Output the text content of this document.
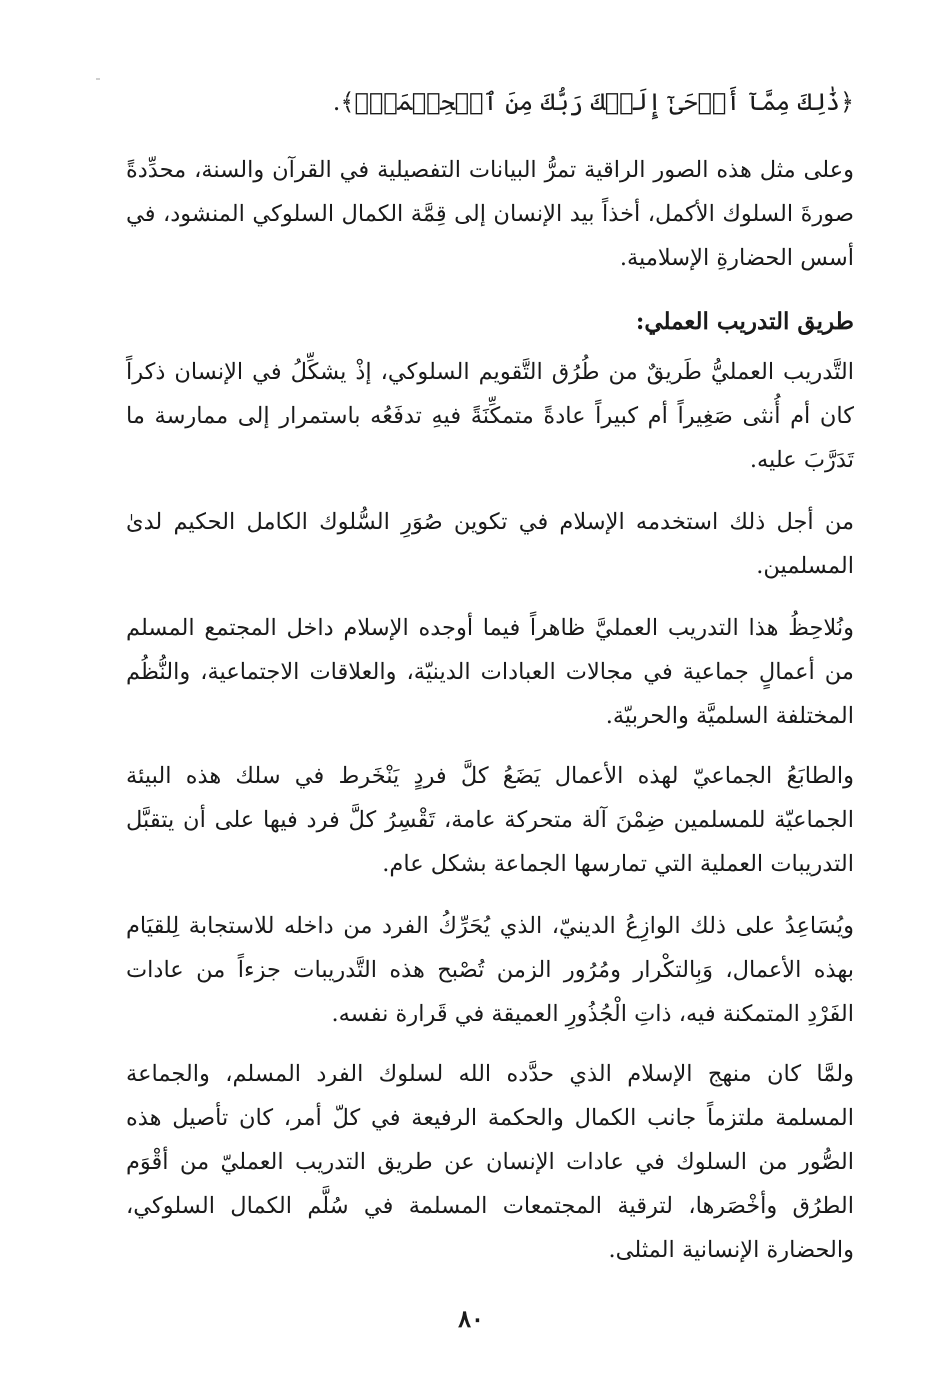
﴿ذَٰلِكَ مِمَّآ أَوۡحَىٰٓ إِلَيۡكَ رَبُّكَ مِنَ ٱلۡحِكۡمَةِۗ﴾.

وعلى مثل هذه الصور الراقية تمرُّ البيانات التفصيلية في القرآن والسنة، محدِّدةً صورةَ السلوك الأكمل، أخذاً بيد الإنسان إلى قِمَّة الكمال السلوكي المنشود، في أسس الحضارةِ الإسلامية.

طريق التدريب العملي:

التَّدريب العمليُّ طَريقٌ من طُرُق التَّقويم السلوكي، إذْ يشكِّلُ في الإنسان ذكراً كان أم أُنثى صَغِيراً أم كبيراً عادةً متمكِّنَةً فيهِ تدفَعُه باستمرار إلى ممارسة ما تَدَرَّبَ عليه.

من أجل ذلك استخدمه الإسلام في تكوين صُوَرِ السُّلوك الكامل الحكيم لدىٰ المسلمين.

ونُلاحِظُ هذا التدريب العمليَّ ظاهراً فيما أوجده الإسلام داخل المجتمع المسلم من أعمالٍ جماعية في مجالات العبادات الدينيّة، والعلاقات الاجتماعية، والنُّظُم المختلفة السلميَّة والحربيّة.

والطابَعُ الجماعيّ لهذه الأعمال يَضَعُ كلَّ فردٍ يَنْخَرط في سلك هذه البيئة الجماعيّة للمسلمين ضِمْنَ آلة متحركة عامة، تَقْسِرُ كلَّ فرد فيها على أن يتقبَّل التدريبات العملية التي تمارسها الجماعة بشكل عام.

ويُسَاعِدُ على ذلك الوازِعُ الدينيّ، الذي يُحَرِّكُ الفرد من داخله للاستجابة لِلقيَام بهذه الأعمال، وَبِالتكْرار ومُرُور الزمن تُصْبح هذه التَّدريبات جزءاً من عادات الفَرْدِ المتمكنة فيه، ذاتِ الْجُذُورِ العميقة في قَرارة نفسه.

ولمَّا كان منهج الإسلام الذي حدَّده الله لسلوك الفرد المسلم، والجماعة المسلمة ملتزماً جانب الكمال والحكمة الرفيعة في كلّ أمر، كان تأصيل هذه الصُّور من السلوك في عادات الإنسان عن طريق التدريب العمليّ من أقْوَم الطرُق وأخْصَرها، لترقية المجتمعات المسلمة في سُلَّم الكمال السلوكي، والحضارة الإنسانية المثلى.

٨٠
